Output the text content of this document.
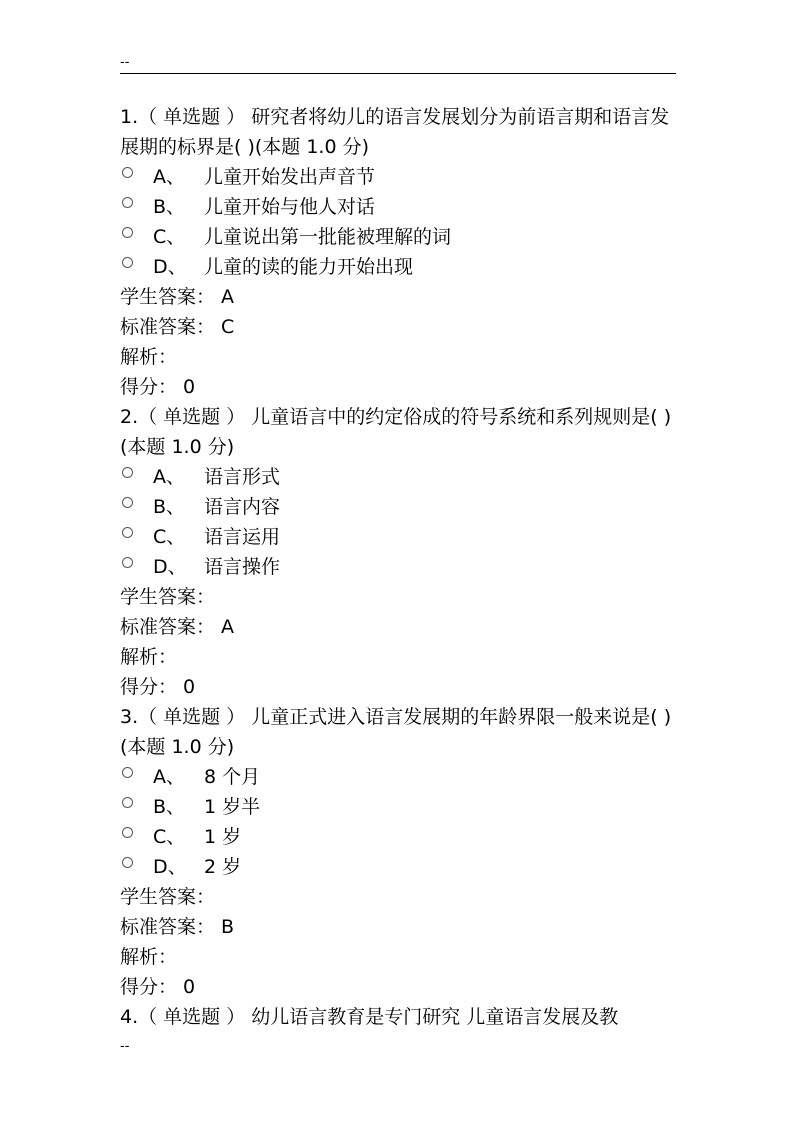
--

1.（ 单选题 ） 研究者将幼儿的语言发展划分为前语言期和语言发展期的标界是( )(本题 1.0 分)

A、 儿童开始发出声音节
B、 儿童开始与他人对话
C、 儿童说出第一批能被理解的词
D、 儿童的读的能力开始出现
学生答案： A
标准答案： C
解析：
得分： 0

2.（ 单选题 ） 儿童语言中的约定俗成的符号系统和系列规则是( )(本题 1.0 分)

A、 语言形式
B、 语言内容
C、 语言运用
D、 语言操作
学生答案：
标准答案： A
解析：
得分： 0

3.（ 单选题 ） 儿童正式进入语言发展期的年龄界限一般来说是( )(本题 1.0 分)

A、 8 个月
B、 1 岁半
C、 1 岁
D、 2 岁
学生答案：
标准答案： B
解析：
得分： 0
4.（ 单选题 ） 幼儿语言教育是专门研究 儿童语言发展及教
--
